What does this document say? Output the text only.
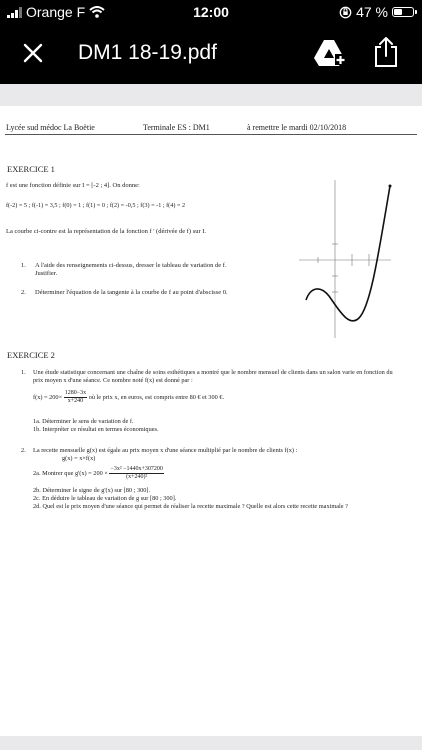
Orange F	12:00	47 %
DM1 18-19.pdf
Lycée sud médoc La Boëtie	Terminale ES : DM1	à remettre le mardi 02/10/2018
EXERCICE 1
f est une fonction définie sur I = [-2 ; 4]. On donne:
f(-2) = 5 ; f(-1) = 3,5 ; f(0) = 1 ; f(1) = 0 ; f(2) = -0,5 ; f(3) = -1 ; f(4) = 2
La courbe ci-contre est la représentation de la fonction f ' (dérivée de f) sur I.
1. A l'aide des renseignements ci-dessus, dresser le tableau de variation de f. Justifier.
2. Déterminer l'équation de la tangente à la courbe de f au point d'abscisse 0.
EXERCICE 2
1. Une étude statistique concernant une chaîne de soins esthétiques a montré que le nombre mensuel de clients dans un salon varie en fonction du prix moyen x d'une séance. Ce nombre noté f(x) est donné par :
$f(x) = 200\times \frac{1280-3x}{x+240}$ où le prix x, en euros, est compris entre 80 € et 300 €.
1a. Déterminer le sens de variation de f.
1b. Interpréter ce résultat en termes économiques.
2. La recette mensuelle g(x) est égale au prix moyen x d'une séance multiplié par le nombre de clients f(x) :
g(x) = x×f(x)
2a. Montrer que $g'(x) = 200 \times \frac{\text{−3x² −1440x+307200}}{\text{(x+240)²}}$
2b. Déterminer le signe de g'(x) sur [80 ; 300].
2c. En déduire le tableau de variation de g sur [80 ; 300].
2d. Quel est le prix moyen d'une séance qui permet de réaliser la recette maximale ? Quelle est alors cette recette maximale ?
